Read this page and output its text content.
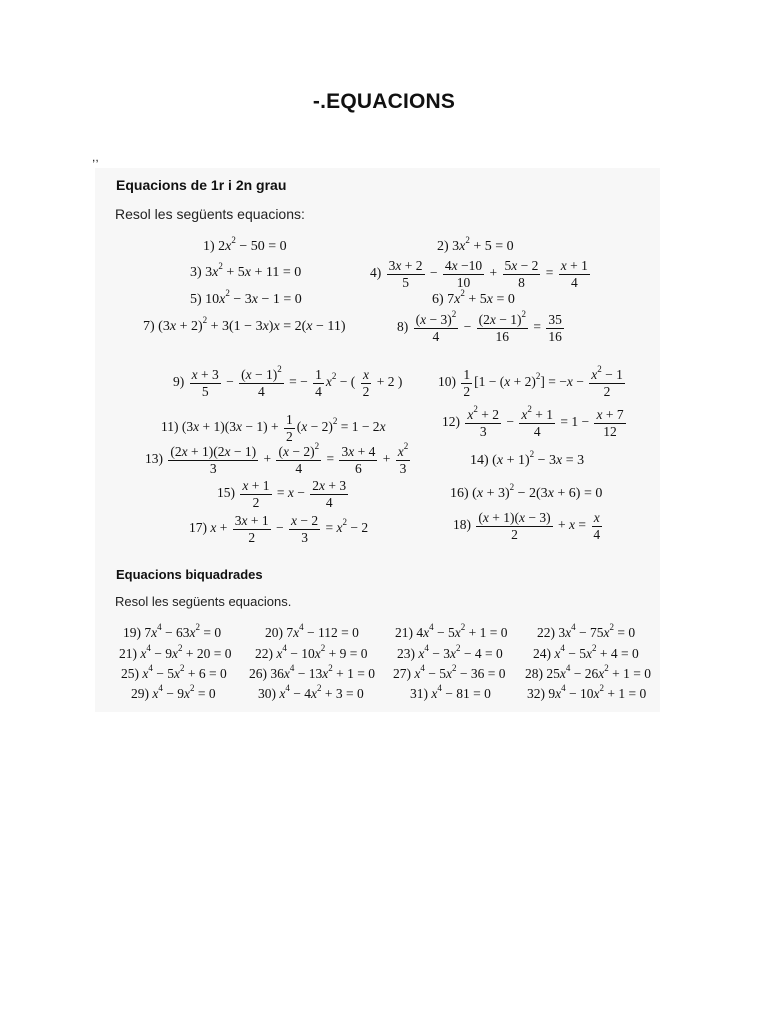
-.EQUACIONS
,,
Equacions de 1r i 2n grau
Resol les següents equacions:
1) $2x^2 - 50 = 0$	2) $3x^2 + 5 = 0$
3) $3x^2 + 5x + 11 = 0$	$4) \frac{3x + 2}{5} - \frac{4x -10}{10} + \frac{5x - 2}{8} = \frac{x + 1}{4}$
5) $10x^2 - 3x - 1 = 0$	6) $7x^2 + 5x = 0$
7) $(3x + 2)^2 + 3(1 - 3x)x = 2(x - 11)$	$8) \frac{(x - 3)^2}{4} - \frac{(2x - 1)^2}{16} = \frac{35}{16}$
$9) \frac{x + 3}{5} - \frac{(x - 1)^2}{4}$ = − $\frac{1}{4} x^2$ − ( $\frac{x}{2} + 2$ )	$10) \frac{1}{2} [1 - (x + 2)^2] = -x - \frac{x^2 - 1}{2}$
11) $(3x + 1)(3x - 1) + \frac{1}{2} (x - 2)^2 = 1 - 2x$	$12) \frac{x^2 + 2}{3} - \frac{x^2 + 1}{4} = 1 - \frac{x + 7}{12}$
$13) \frac{(2x + 1)(2x - 1)}{3} + \frac{(x - 2)^2}{4} = \frac{3x + 4}{6} + \frac{x^2}{3}$	14) $(x + 1)^2 - 3x = 3$
$15) \frac{x + 1}{2} = x - \frac{2x + 3}{4}$	16) $(x + 3)^2 - 2(3x + 6) = 0$
17) $x + \frac{3x + 1}{2} - \frac{x - 2}{3} = x^2 - 2$	$18) \frac{(x + 1)(x - 3)}{2} + x = \frac{x}{4}$
Equacions biquadrades
Resol les següents equacions.
19) $7x^4 - 63x^2 = 0$	20) $7x^4 - 112 = 0$	21) $4x^4 - 5x^2 + 1 = 0$ 22) $3x^4 - 75x^2 = 0$
21) $x^4 - 9x^2 + 20 = 0$ 22) $x^4 - 10x^2 + 9 = 0$ 23) $x^4 - 3x^2 - 4 = 0$ 24) $x^4 - 5x^2 + 4 = 0$
25) $x^4 - 5x^2 + 6 = 0$ 26) $36x^4 - 13x^2 + 1 = 0$ 27) $x^4 - 5x^2 - 36 = 0$ 28) $25x^4 - 26x^2 + 1 = 0$
29) $x^4 - 9x^2 = 0$	30) $x^4 - 4x^2 + 3 = 0$	31) $x^4 - 81 = 0$	32) $9x^4 - 10x^2 + 1 = 0$
